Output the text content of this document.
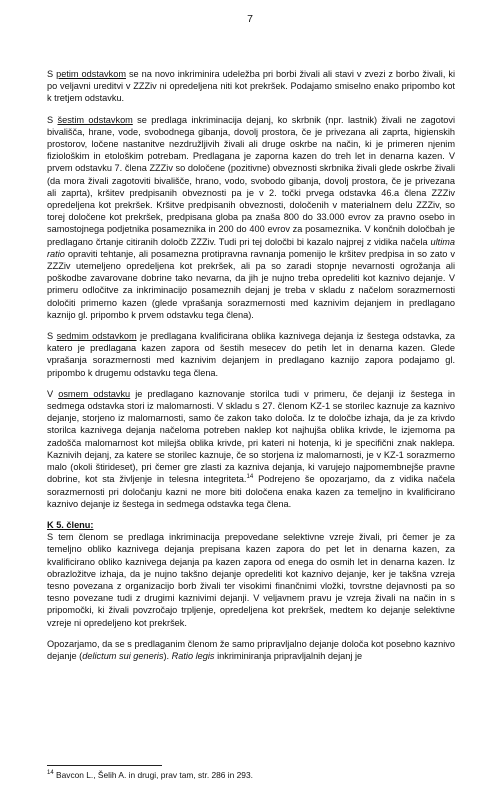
7

S petim odstavkom se na novo inkriminira udeležba pri borbi živali ali stavi v zvezi z borbo živali, ki po veljavni ureditvi v ZZZiv ni opredeljena niti kot prekršek. Podajamo smiselno enako pripombo kot k tretjem odstavku.

S šestim odstavkom se predlaga inkriminacija dejanj, ko skrbnik (npr. lastnik) živali ne zagotovi bivališča, hrane, vode, svobodnega gibanja, dovolj prostora, če je privezana ali zaprta, higienskih prostorov, ločene nastanitve nezdružljivih živali ali druge oskrbe na način, ki je primeren njenim fiziološkim in etološkim potrebam. Predlagana je zaporna kazen do treh let in denarna kazen. V prvem odstavku 7. člena ZZZiv so določene (pozitivne) obveznosti skrbnika živali glede oskrbe živali (da mora živali zagotoviti bivališče, hrano, vodo, svobodo gibanja, dovolj prostora, če je privezana ali zaprta), kršitev predpisanih obveznosti pa je v 2. točki prvega odstavka 46.a člena ZZZiv opredeljena kot prekršek. Kršitve predpisanih obveznosti, določenih v materialnem delu ZZZiv, so torej določene kot prekršek, predpisana globa pa znaša 800 do 33.000 evrov za pravno osebo in samostojnega podjetnika posameznika in 200 do 400 evrov za posameznika. V končnih določbah je predlagano črtanje citiranih določb ZZZiv. Tudi pri tej določbi bi kazalo najprej z vidika načela ultima ratio opraviti tehtanje, ali posamezna protipravna ravnanja pomenijo le kršitev predpisa in so zato v ZZZiv utemeljeno opredeljena kot prekršek, ali pa so zaradi stopnje nevarnosti ogrožanja ali poškodbe zavarovane dobrine tako nevarna, da jih je nujno treba opredeliti kot kaznivo dejanje. V primeru odločitve za inkriminacijo posameznih dejanj je treba v skladu z načelom sorazmernosti določiti primerno kazen (glede vprašanja sorazmernosti med kaznivim dejanjem in predlagano kaznijo gl. pripombo k prvem odstavku tega člena).

S sedmim odstavkom je predlagana kvalificirana oblika kaznivega dejanja iz šestega odstavka, za katero je predlagana kazen zapora od šestih mesecev do petih let in denarna kazen. Glede vprašanja sorazmernosti med kaznivim dejanjem in predlagano kaznijo zapora podajamo gl. pripombo k drugemu odstavku tega člena.

V osmem odstavku je predlagano kaznovanje storilca tudi v primeru, če dejanji iz šestega in sedmega odstavka stori iz malomarnosti. V skladu s 27. členom KZ-1 se storilec kaznuje za kaznivo dejanje, storjeno iz malomarnosti, samo če zakon tako določa. Iz te določbe izhaja, da je za krivdo storilca kaznivega dejanja načeloma potreben naklep kot najhujša oblika krivde, le izjemoma pa zadošča malomarnost kot milejša oblika krivde, pri kateri ni hotenja, ki je specifični znak naklepa. Kaznivih dejanj, za katere se storilec kaznuje, če so storjena iz malomarnosti, je v KZ-1 sorazmerno malo (okoli štirideset), pri čemer gre zlasti za kazniva dejanja, ki varujejo najpomembnejše pravne dobrine, kot sta življenje in telesna integriteta.$^{14}$ Podrejeno še opozarjamo, da z vidika načela sorazmernosti pri določanju kazni ne more biti določena enaka kazen za temeljno in kvalificirano kaznivo dejanje iz šestega in sedmega odstavka tega člena.

K 5. členu:

S tem členom se predlaga inkriminacija prepovedane selektivne vzreje živali, pri čemer je za temeljno obliko kaznivega dejanja prepisana kazen zapora do pet let in denarna kazen, za kvalificirano obliko kaznivega dejanja pa kazen zapora od enega do osmih let in denarna kazen. Iz obrazložitve izhaja, da je nujno takšno dejanje opredeliti kot kaznivo dejanje, ker je takšna vzreja tesno povezana z organizacijo borb živali ter visokimi finančnimi vložki, tovrstne dejavnosti pa so tesno povezane tudi z drugimi kaznivimi dejanji. V veljavnem pravu je vzreja živali na način in s pripomočki, ki živali povzročajo trpljenje, opredeljena kot prekršek, medtem ko dejanje selektivne vzreje ni opredeljeno kot prekršek.

Opozarjamo, da se s predlaganim členom že samo pripravljalno dejanje določa kot posebno kaznivo dejanje (delictum sui generis). Ratio legis inkriminiranja pripravljalnih dejanj je

$^{14}$ Bavcon L., Šelih A. in drugi, prav tam, str. 286 in 293.
